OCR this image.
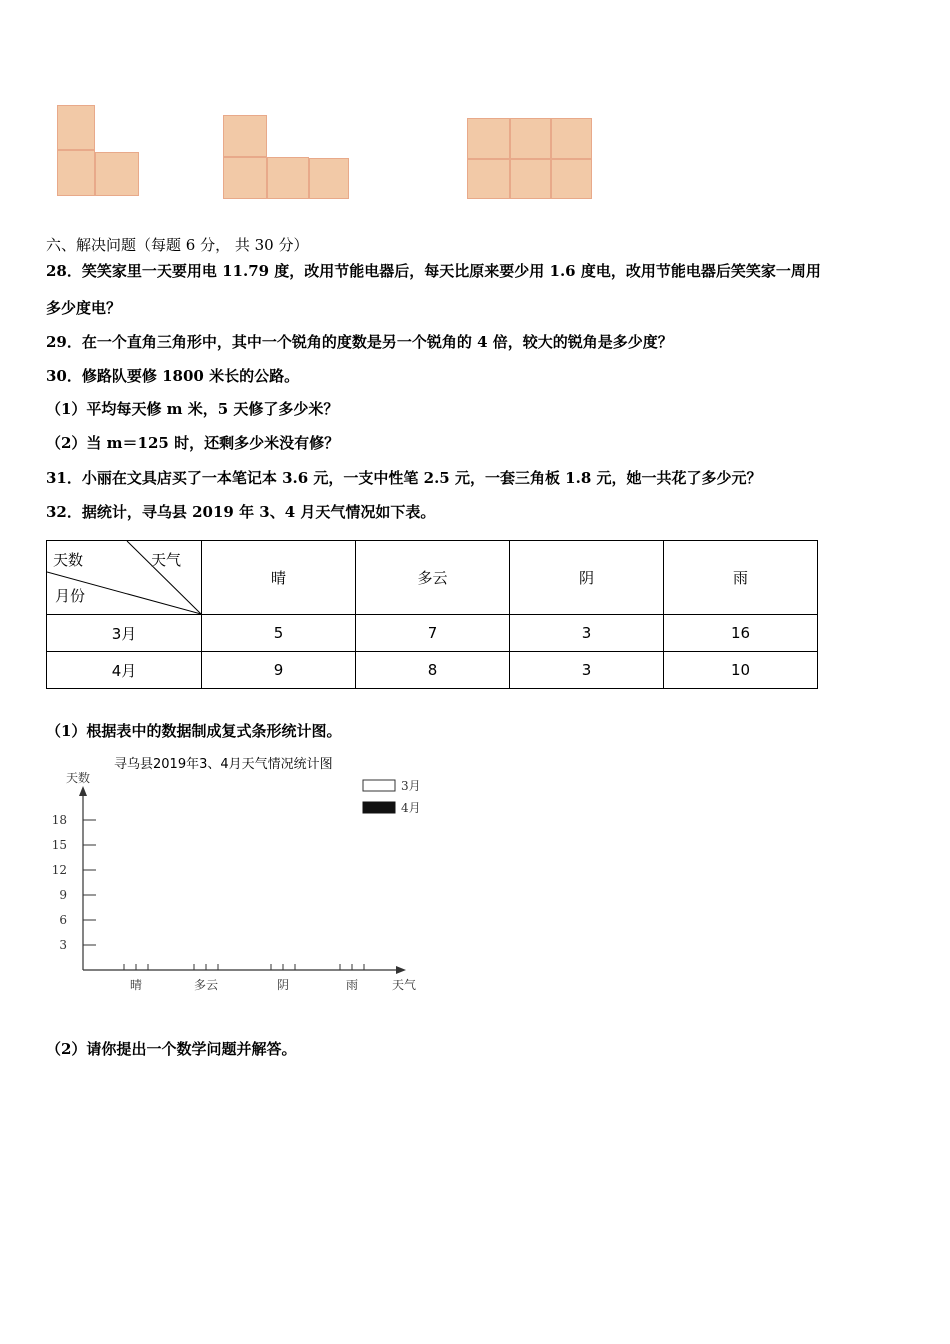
六、解决问题（每题 6 分， 共 30 分）
28．笑笑家里一天要用电 11.79 度，改用节能电器后，每天比原来要少用 1.6 度电，改用节能电器后笑笑家一周用
多少度电？
29．在一个直角三角形中，其中一个锐角的度数是另一个锐角的 4 倍，较大的锐角是多少度？
30．修路队要修 1800 米长的公路。
（1）平均每天修 m 米，5 天修了多少米？
（2）当 m＝125 时，还剩多少米没有修？
31．小丽在文具店买了一本笔记本 3.6 元，一支中性笔 2.5 元，一套三角板 1.8 元，她一共花了多少元？
32．据统计，寻乌县 2019 年 3、4 月天气情况如下表。
天数 天气
月份	晴	多云	阴	雨
3月	5	7	3	16
4月	9	8	3	10
（1）根据表中的数据制成复式条形统计图。
寻乌县2019年3、4月天气情况统计图
天数
天气
3
6
9
12
15
18
晴	多云	阴	雨
3月
4月
（2）请你提出一个数学问题并解答。
